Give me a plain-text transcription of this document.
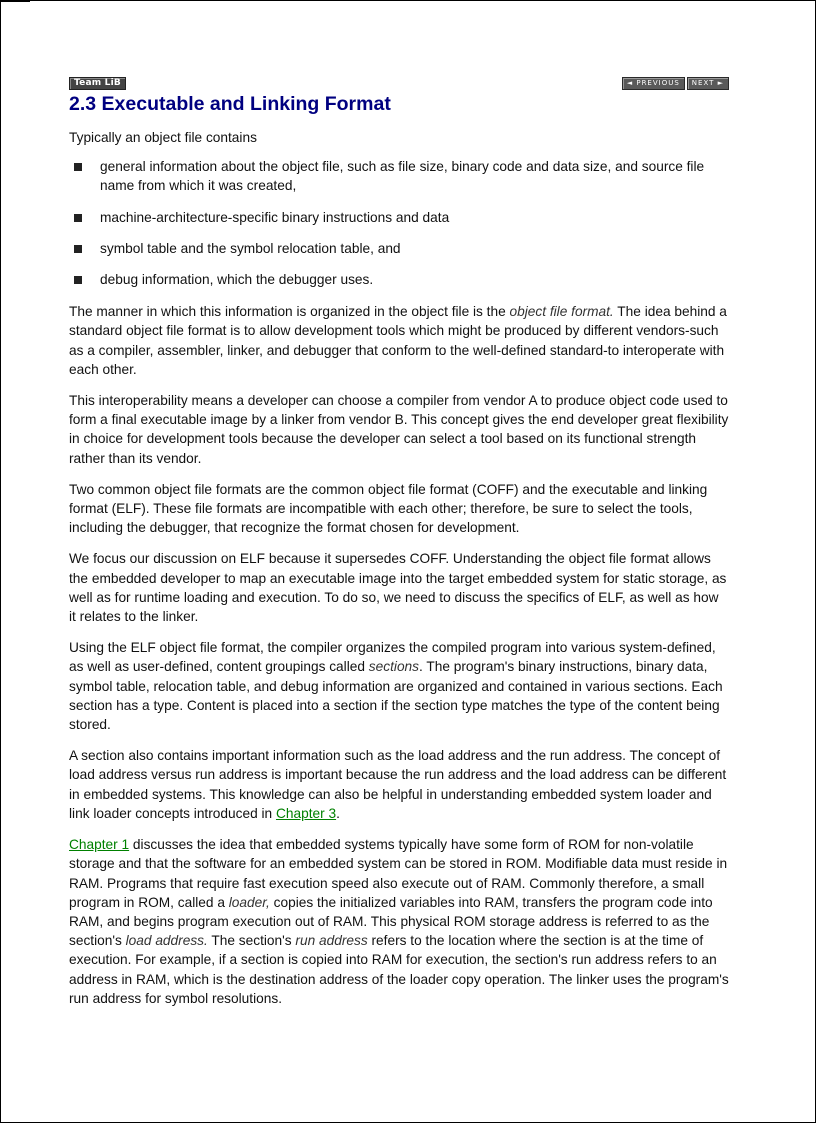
Team LiB	◄ PREVIOUS	NEXT ►
2.3 Executable and Linking Format

Typically an object file contains

general information about the object file, such as file size, binary code and data size, and source file name from which it was created,
machine-architecture-specific binary instructions and data
symbol table and the symbol relocation table, and
debug information, which the debugger uses.

The manner in which this information is organized in the object file is the object file format. The idea behind a standard object file format is to allow development tools which might be produced by different vendors-such as a compiler, assembler, linker, and debugger that conform to the well-defined standard-to interoperate with each other.

This interoperability means a developer can choose a compiler from vendor A to produce object code used to form a final executable image by a linker from vendor B. This concept gives the end developer great flexibility in choice for development tools because the developer can select a tool based on its functional strength rather than its vendor.

Two common object file formats are the common object file format (COFF) and the executable and linking format (ELF). These file formats are incompatible with each other; therefore, be sure to select the tools, including the debugger, that recognize the format chosen for development.

We focus our discussion on ELF because it supersedes COFF. Understanding the object file format allows the embedded developer to map an executable image into the target embedded system for static storage, as well as for runtime loading and execution. To do so, we need to discuss the specifics of ELF, as well as how it relates to the linker.

Using the ELF object file format, the compiler organizes the compiled program into various system-defined, as well as user-defined, content groupings called sections. The program's binary instructions, binary data, symbol table, relocation table, and debug information are organized and contained in various sections. Each section has a type. Content is placed into a section if the section type matches the type of the content being stored.

A section also contains important information such as the load address and the run address. The concept of load address versus run address is important because the run address and the load address can be different in embedded systems. This knowledge can also be helpful in understanding embedded system loader and link loader concepts introduced in Chapter 3.

Chapter 1 discusses the idea that embedded systems typically have some form of ROM for non-volatile storage and that the software for an embedded system can be stored in ROM. Modifiable data must reside in RAM. Programs that require fast execution speed also execute out of RAM. Commonly therefore, a small program in ROM, called a loader, copies the initialized variables into RAM, transfers the program code into RAM, and begins program execution out of RAM. This physical ROM storage address is referred to as the section's load address. The section's run address refers to the location where the section is at the time of execution. For example, if a section is copied into RAM for execution, the section's run address refers to an address in RAM, which is the destination address of the loader copy operation. The linker uses the program's run address for symbol resolutions.
